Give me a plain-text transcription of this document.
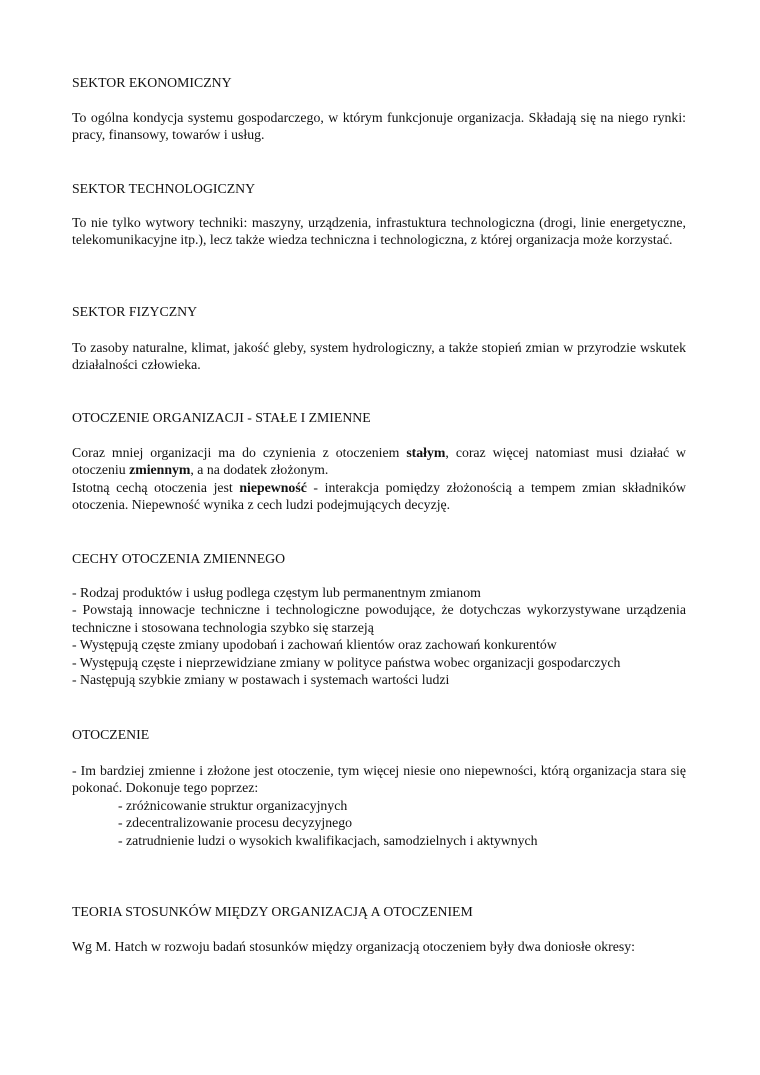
SEKTOR EKONOMICZNY

To ogólna kondycja systemu gospodarczego, w którym funkcjonuje organizacja. Składają się na niego rynki: pracy, finansowy, towarów i usług.

SEKTOR TECHNOLOGICZNY

To nie tylko wytwory techniki: maszyny, urządzenia, infrastuktura technologiczna (drogi, linie energetyczne, telekomunikacyjne itp.), lecz także wiedza techniczna i technologiczna, z której organizacja może korzystać.

SEKTOR FIZYCZNY

To zasoby naturalne, klimat, jakość gleby, system hydrologiczny, a także stopień zmian w przyrodzie wskutek działalności człowieka.

OTOCZENIE ORGANIZACJI - STAŁE I ZMIENNE

Coraz mniej organizacji ma do czynienia z otoczeniem stałym, coraz więcej natomiast musi działać w otoczeniu zmiennym, a na dodatek złożonym.

Istotną cechą otoczenia jest niepewność - interakcja pomiędzy złożonością a tempem zmian składników otoczenia. Niepewność wynika z cech ludzi podejmujących decyzję.

CECHY OTOCZENIA ZMIENNEGO
- Rodzaj produktów i usług podlega częstym lub permanentnym zmianom
- Powstają innowacje techniczne i technologiczne powodujące, że dotychczas wykorzystywane urządzenia techniczne i stosowana technologia szybko się starzeją
- Występują częste zmiany upodobań i zachowań klientów oraz zachowań konkurentów
- Występują częste i nieprzewidziane zmiany w polityce państwa wobec organizacji gospodarczych
- Następują szybkie zmiany w postawach i systemach wartości ludzi
OTOCZENIE
- Im bardziej zmienne i złożone jest otoczenie, tym więcej niesie ono niepewności, którą organizacja stara się pokonać. Dokonuje tego poprzez:
- zróżnicowanie struktur organizacyjnych
- zdecentralizowanie procesu decyzyjnego
- zatrudnienie ludzi o wysokich kwalifikacjach, samodzielnych i aktywnych
TEORIA STOSUNKÓW MIĘDZY ORGANIZACJĄ A OTOCZENIEM

Wg M. Hatch w rozwoju badań stosunków między organizacją otoczeniem były dwa doniosłe okresy:
